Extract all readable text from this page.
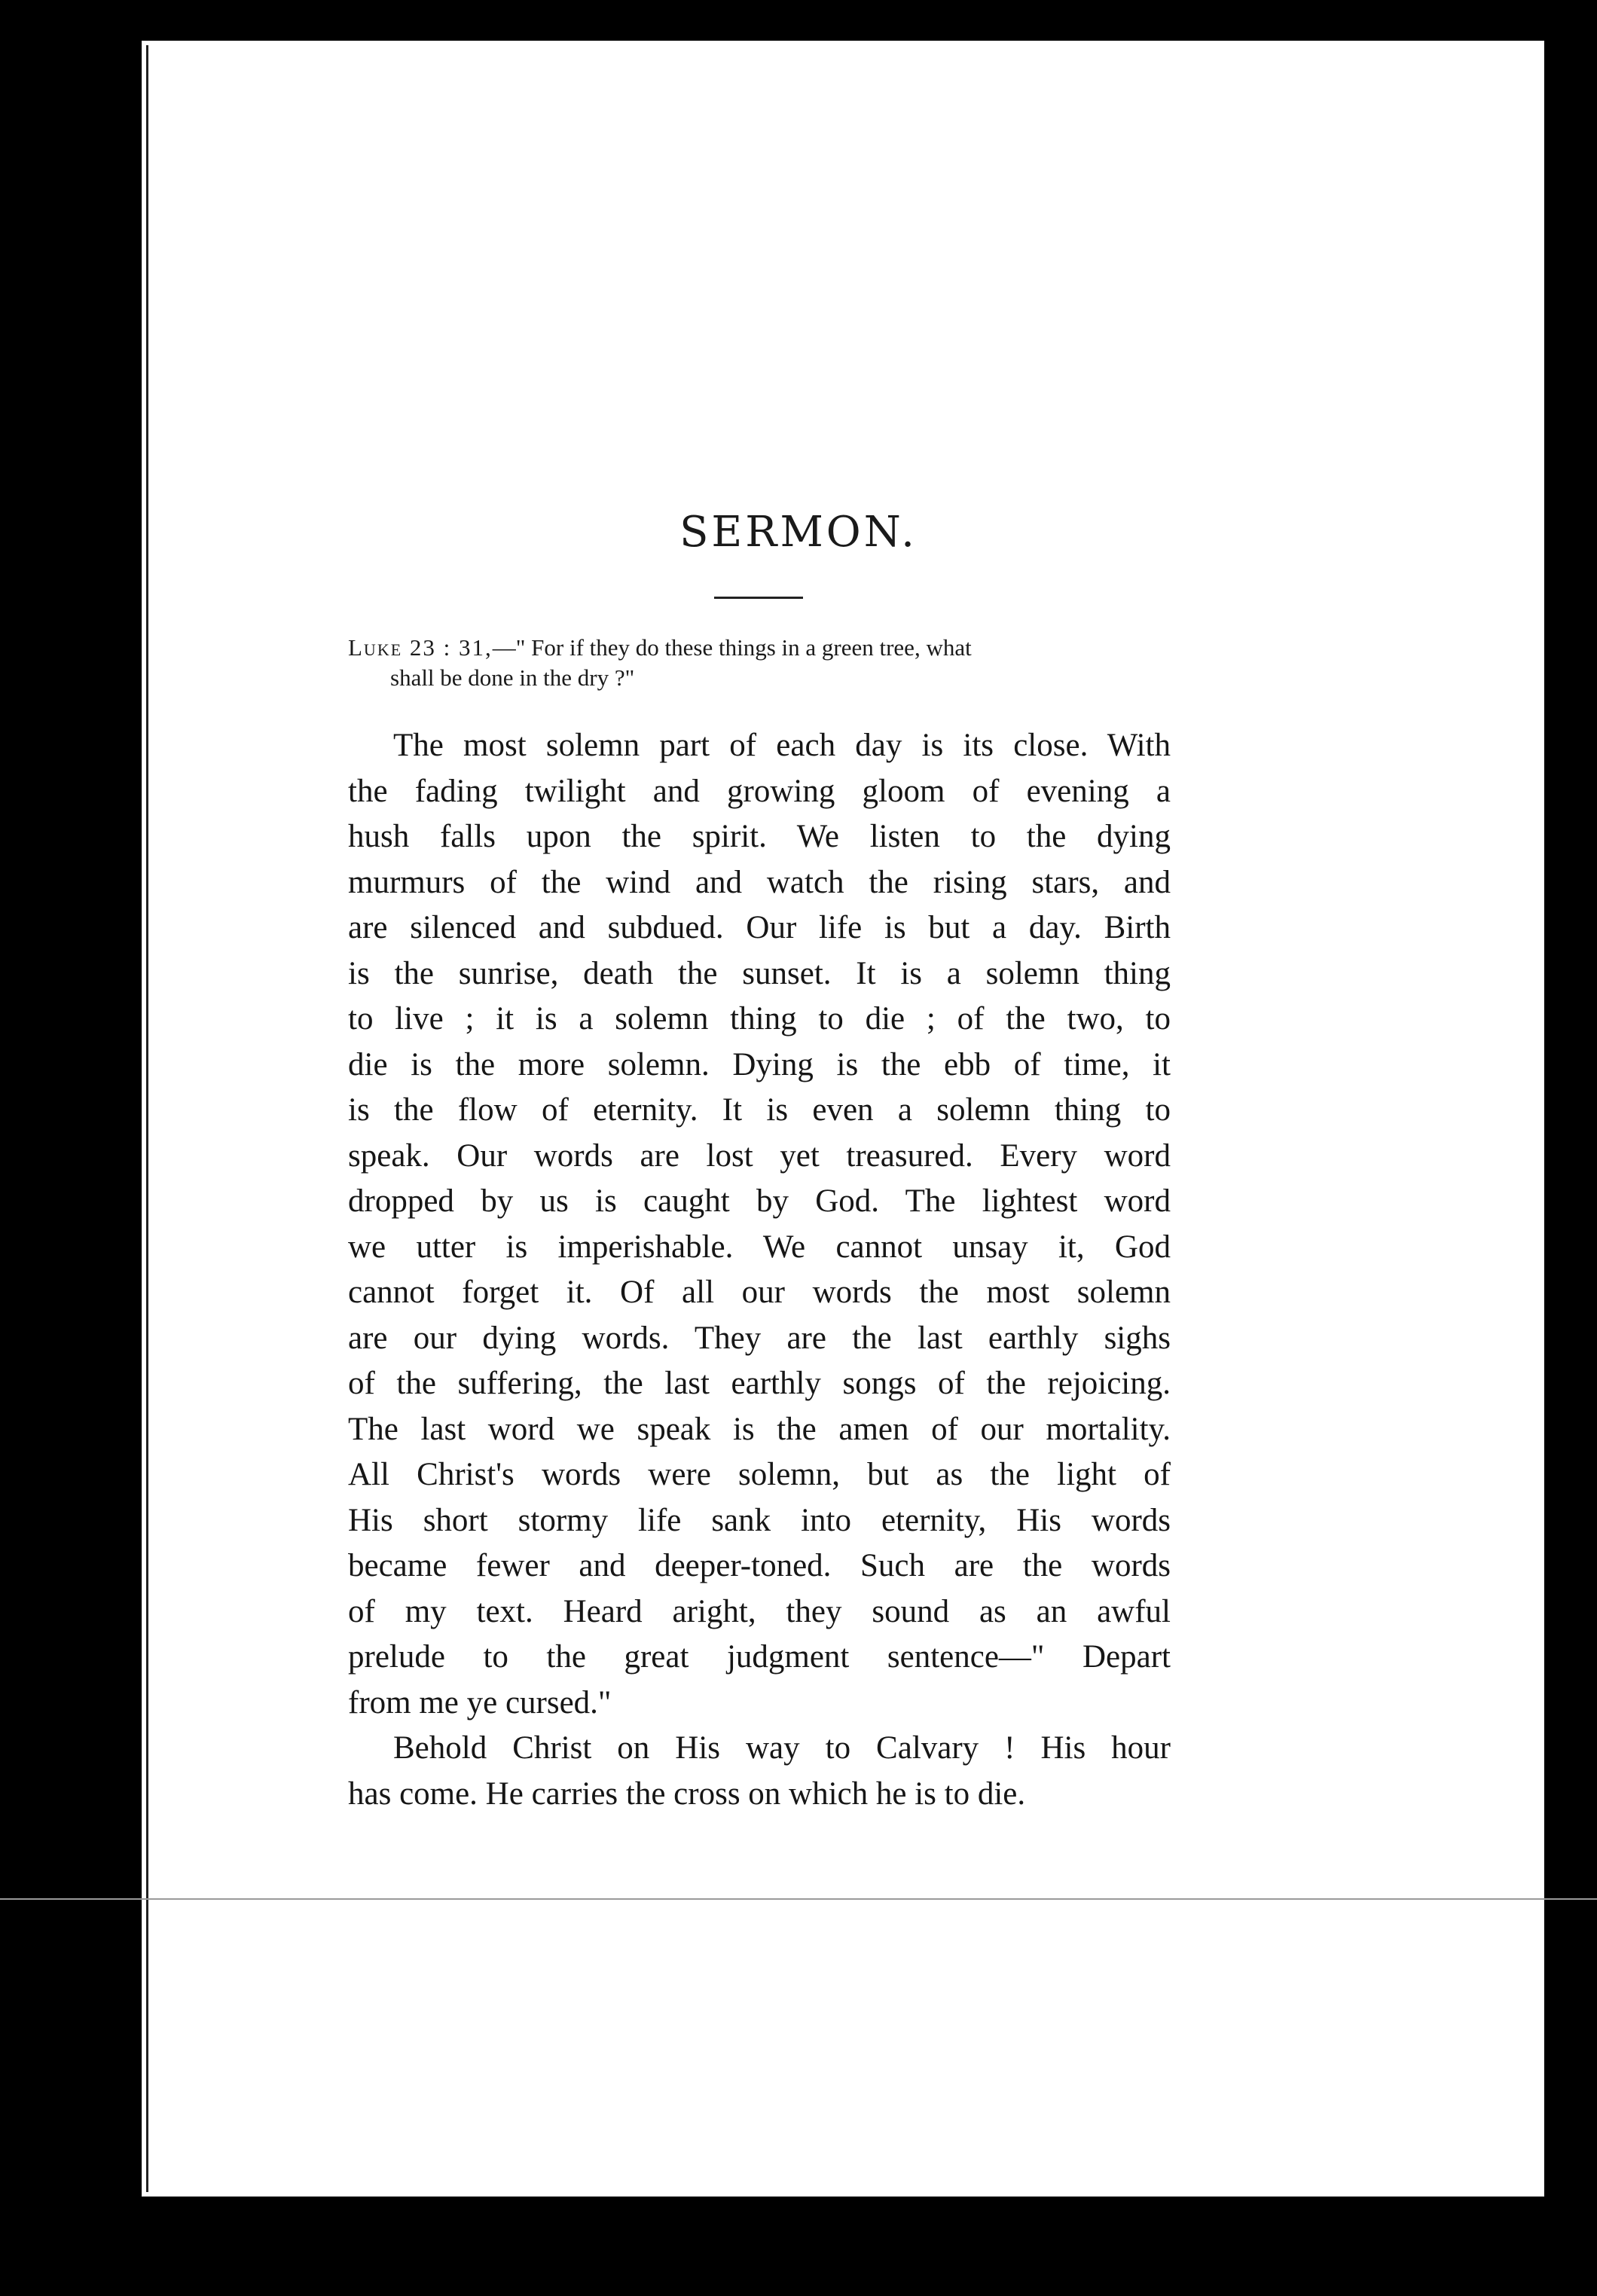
SERMON.
Luke 23 : 31,—" For if they do these things in a green tree, what
shall be done in the dry ?"
The most solemn part of each day is its close. With
the fading twilight and growing gloom of evening a
hush falls upon the spirit. We listen to the dying
murmurs of the wind and watch the rising stars, and
are silenced and subdued. Our life is but a day. Birth
is the sunrise, death the sunset. It is a solemn thing
to live ; it is a solemn thing to die ; of the two, to
die is the more solemn. Dying is the ebb of time, it
is the flow of eternity. It is even a solemn thing to
speak. Our words are lost yet treasured. Every word
dropped by us is caught by God. The lightest word
we utter is imperishable. We cannot unsay it, God
cannot forget it. Of all our words the most solemn
are our dying words. They are the last earthly sighs
of the suffering, the last earthly songs of the rejoicing.
The last word we speak is the amen of our mortality.
All Christ's words were solemn, but as the light of
His short stormy life sank into eternity, His words
became fewer and deeper-toned. Such are the words
of my text. Heard aright, they sound as an awful
prelude to the great judgment sentence—" Depart
from me ye cursed."
Behold Christ on His way to Calvary ! His hour
has come. He carries the cross on which he is to die.
